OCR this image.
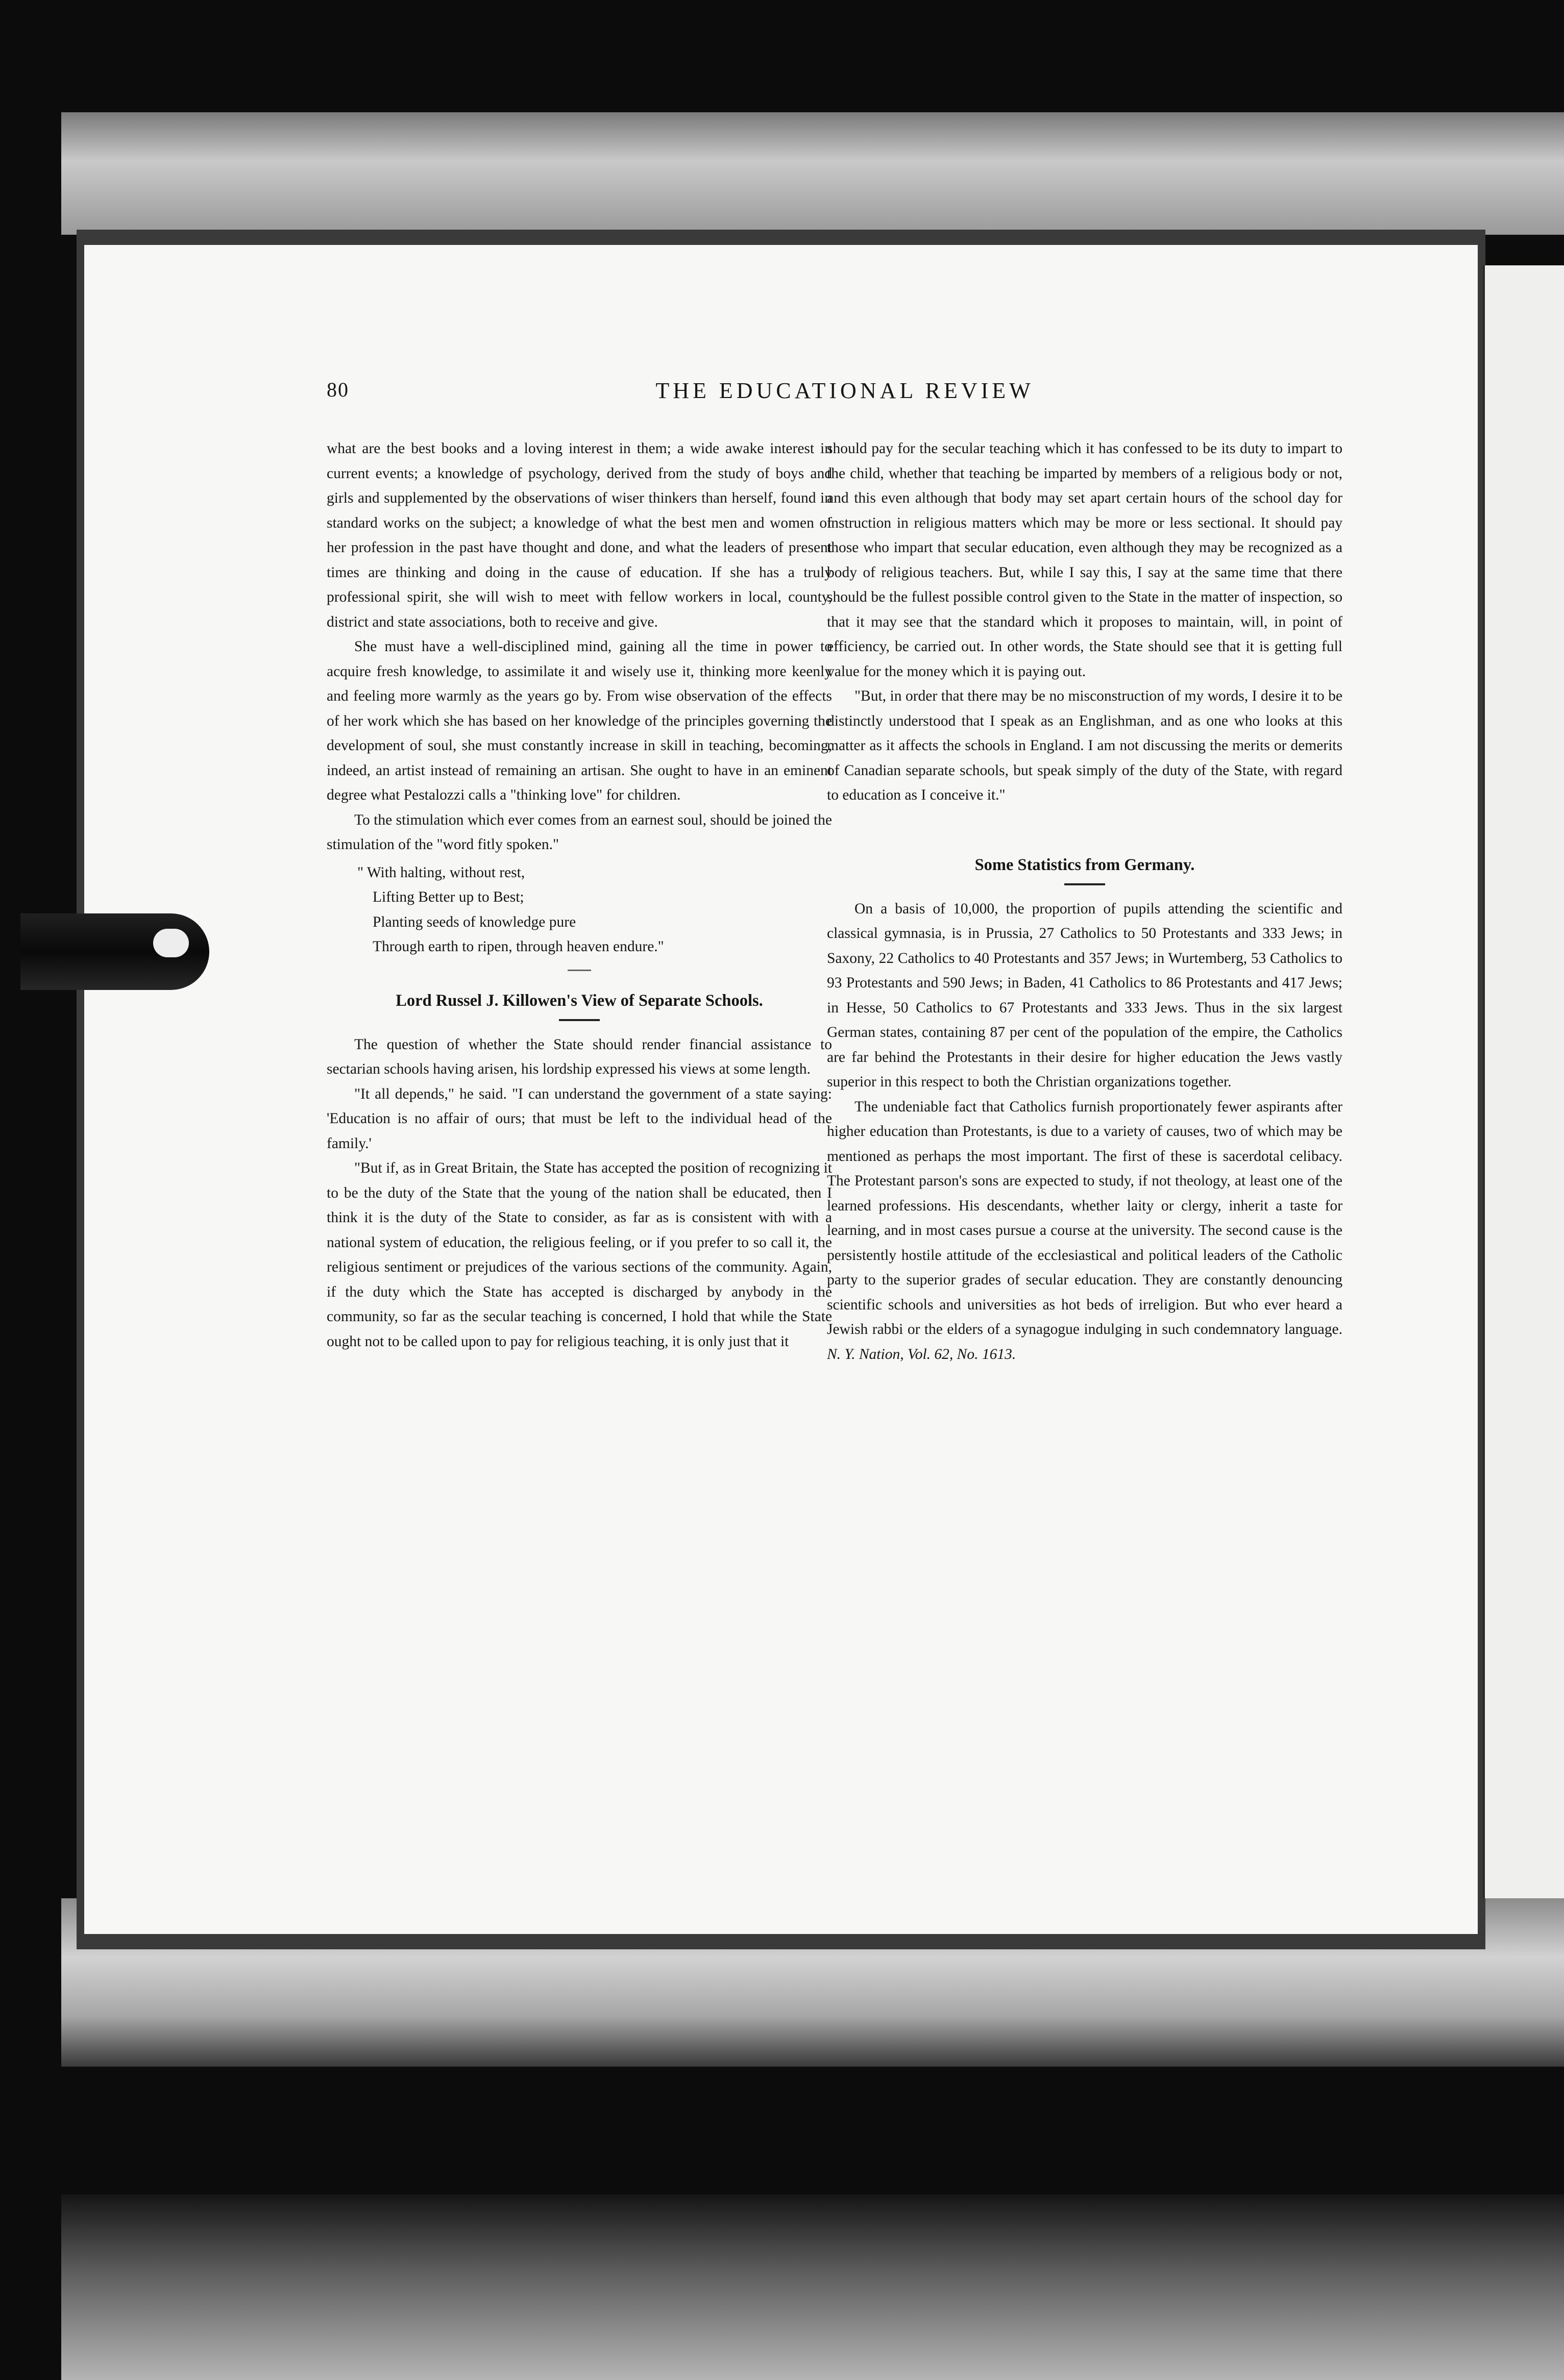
80	THE EDUCATIONAL REVIEW

what are the best books and a loving interest in them; a wide awake interest in current events; a knowledge of psychology, derived from the study of boys and girls and supplemented by the observations of wiser thinkers than herself, found in standard works on the subject; a knowledge of what the best men and women of her profession in the past have thought and done, and what the leaders of present times are thinking and doing in the cause of education. If she has a truly professional spirit, she will wish to meet with fellow workers in local, county, district and state associations, both to receive and give.

She must have a well-disciplined mind, gaining all the time in power to acquire fresh knowledge, to assimilate it and wisely use it, thinking more keenly and feeling more warmly as the years go by. From wise observation of the effects of her work which she has based on her knowledge of the principles governing the development of soul, she must constantly increase in skill in teaching, becoming, indeed, an artist instead of remaining an artisan. She ought to have in an eminent degree what Pestalozzi calls a "thinking love" for children.

To the stimulation which ever comes from an earnest soul, should be joined the stimulation of the "word fitly spoken."

" With halting, without rest,
Lifting Better up to Best;
Planting seeds of knowledge pure
Through earth to ripen, through heaven endure."
Lord Russel J. Killowen's View of Separate Schools.

The question of whether the State should render financial assistance to sectarian schools having arisen, his lordship expressed his views at some length.

"It all depends," he said. "I can understand the government of a state saying: 'Education is no affair of ours; that must be left to the individual head of the family.'

"But if, as in Great Britain, the State has accepted the position of recognizing it to be the duty of the State that the young of the nation shall be educated, then I think it is the duty of the State to consider, as far as is consistent with with a national system of education, the religious feeling, or if you prefer to so call it, the religious sentiment or prejudices of the various sections of the community. Again, if the duty which the State has accepted is discharged by anybody in the community, so far as the secular teaching is concerned, I hold that while the State ought not to be called upon to pay for religious teaching, it is only just that it

should pay for the secular teaching which it has confessed to be its duty to impart to the child, whether that teaching be imparted by members of a religious body or not, and this even although that body may set apart certain hours of the school day for instruction in religious matters which may be more or less sectional. It should pay those who impart that secular education, even although they may be recognized as a body of religious teachers. But, while I say this, I say at the same time that there should be the fullest possible control given to the State in the matter of inspection, so that it may see that the standard which it proposes to maintain, will, in point of efficiency, be carried out. In other words, the State should see that it is getting full value for the money which it is paying out.

"But, in order that there may be no misconstruction of my words, I desire it to be distinctly understood that I speak as an Englishman, and as one who looks at this matter as it affects the schools in England. I am not discussing the merits or demerits of Canadian separate schools, but speak simply of the duty of the State, with regard to education as I conceive it."

Some Statistics from Germany.

On a basis of 10,000, the proportion of pupils attending the scientific and classical gymnasia, is in Prussia, 27 Catholics to 50 Protestants and 333 Jews; in Saxony, 22 Catholics to 40 Protestants and 357 Jews; in Wurtemberg, 53 Catholics to 93 Protestants and 590 Jews; in Baden, 41 Catholics to 86 Protestants and 417 Jews; in Hesse, 50 Catholics to 67 Protestants and 333 Jews. Thus in the six largest German states, containing 87 per cent of the population of the empire, the Catholics are far behind the Protestants in their desire for higher education the Jews vastly superior in this respect to both the Christian organizations together.

The undeniable fact that Catholics furnish proportionately fewer aspirants after higher education than Protestants, is due to a variety of causes, two of which may be mentioned as perhaps the most important. The first of these is sacerdotal celibacy. The Protestant parson's sons are expected to study, if not theology, at least one of the learned professions. His descendants, whether laity or clergy, inherit a taste for learning, and in most cases pursue a course at the university. The second cause is the persistently hostile attitude of the ecclesiastical and political leaders of the Catholic party to the superior grades of secular education. They are constantly denouncing scientific schools and universities as hot beds of irreligion. But who ever heard a Jewish rabbi or the elders of a synagogue indulging in such condemnatory language. N. Y. Nation, Vol. 62, No. 1613.
